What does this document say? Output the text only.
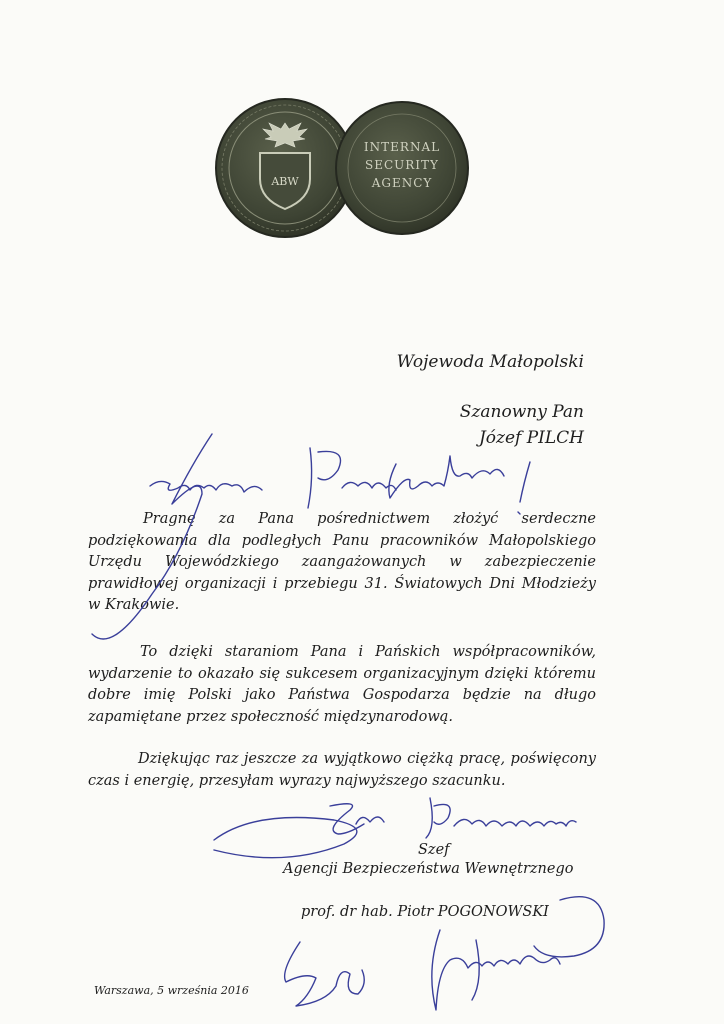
ABW
INTERNAL
SECURITY
AGENCY
Wojewoda Małopolski
Szanowny Pan
Józef PILCH
Pragnę za Pana pośrednictwem złożyć serdeczne podziękowania dla podległych Panu pracowników Małopolskiego Urzędu Wojewódzkiego zaangażowanych w zabezpieczenie prawidłowej organizacji i przebiegu 31. Światowych Dni Młodzieży w Krakowie.
To dzięki staraniom Pana i Pańskich współpracowników, wydarzenie to okazało się sukcesem organizacyjnym dzięki któremu dobre imię Polski jako Państwa Gospodarza będzie na długo zapamiętane przez społeczność międzynarodową.
Dziękując raz jeszcze za wyjątkowo ciężką pracę, poświęcony czas i energię, przesyłam wyrazy najwyższego szacunku.
Szef
Agencji Bezpieczeństwa Wewnętrznego
prof. dr hab. Piotr POGONOWSKI
Warszawa, 5 września 2016
